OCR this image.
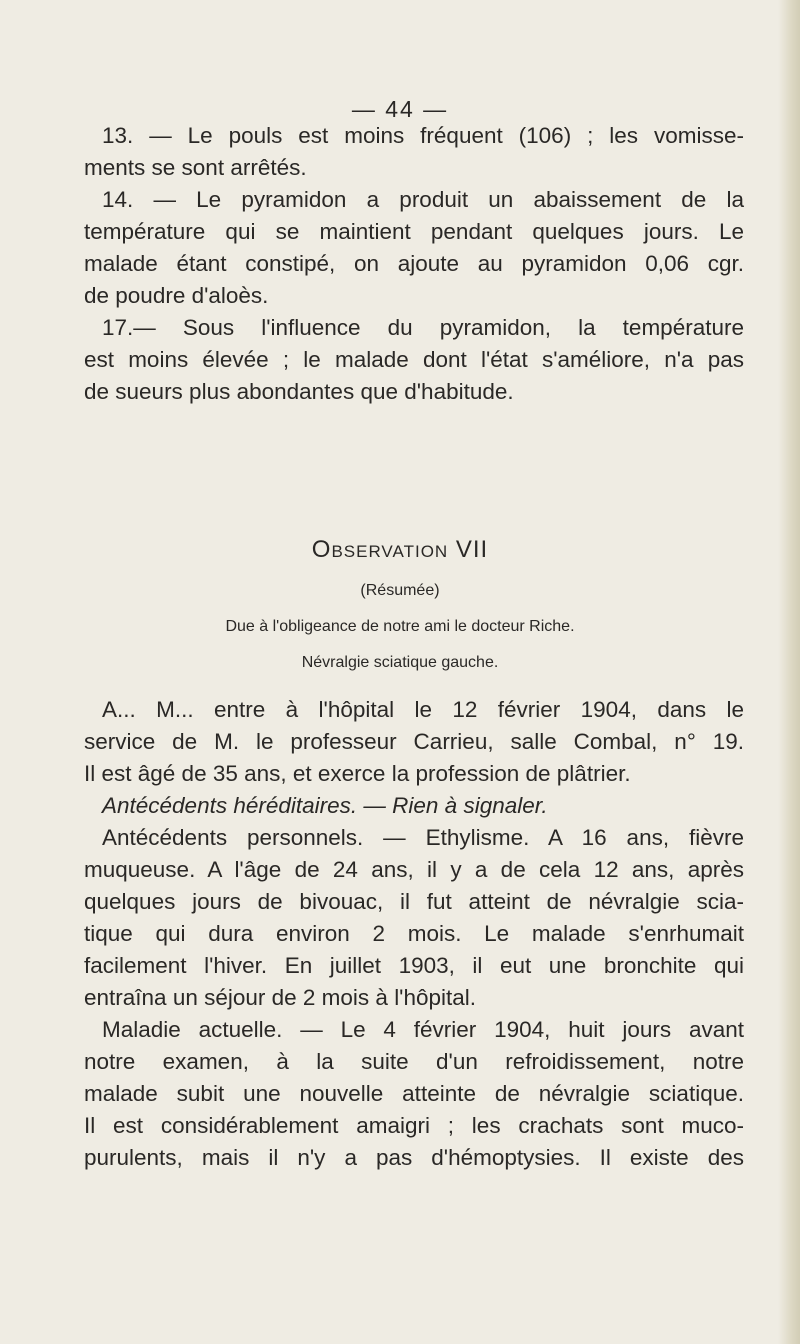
— 44 —
13. — Le pouls est moins fréquent (106) ; les vomisse-
ments se sont arrêtés.
14. — Le pyramidon a produit un abaissement de la
température qui se maintient pendant quelques jours. Le
malade étant constipé, on ajoute au pyramidon 0,06 cgr.
de poudre d'aloès.
17.— Sous l'influence du pyramidon, la température
est moins élevée ; le malade dont l'état s'améliore, n'a pas
de sueurs plus abondantes que d'habitude.
Observation VII
(Résumée)
Due à l'obligeance de notre ami le docteur Riche.
Névralgie sciatique gauche.
A... M... entre à l'hôpital le 12 février 1904, dans le
service de M. le professeur Carrieu, salle Combal, n° 19.
Il est âgé de 35 ans, et exerce la profession de plâtrier.
Antécédents héréditaires. — Rien à signaler.
Antécédents personnels. — Ethylisme. A 16 ans, fièvre
muqueuse. A l'âge de 24 ans, il y a de cela 12 ans, après
quelques jours de bivouac, il fut atteint de névralgie scia-
tique qui dura environ 2 mois. Le malade s'enrhumait
facilement l'hiver. En juillet 1903, il eut une bronchite qui
entraîna un séjour de 2 mois à l'hôpital.
Maladie actuelle. — Le 4 février 1904, huit jours avant
notre examen, à la suite d'un refroidissement, notre
malade subit une nouvelle atteinte de névralgie sciatique.
Il est considérablement amaigri ; les crachats sont muco-
purulents, mais il n'y a pas d'hémoptysies. Il existe des
